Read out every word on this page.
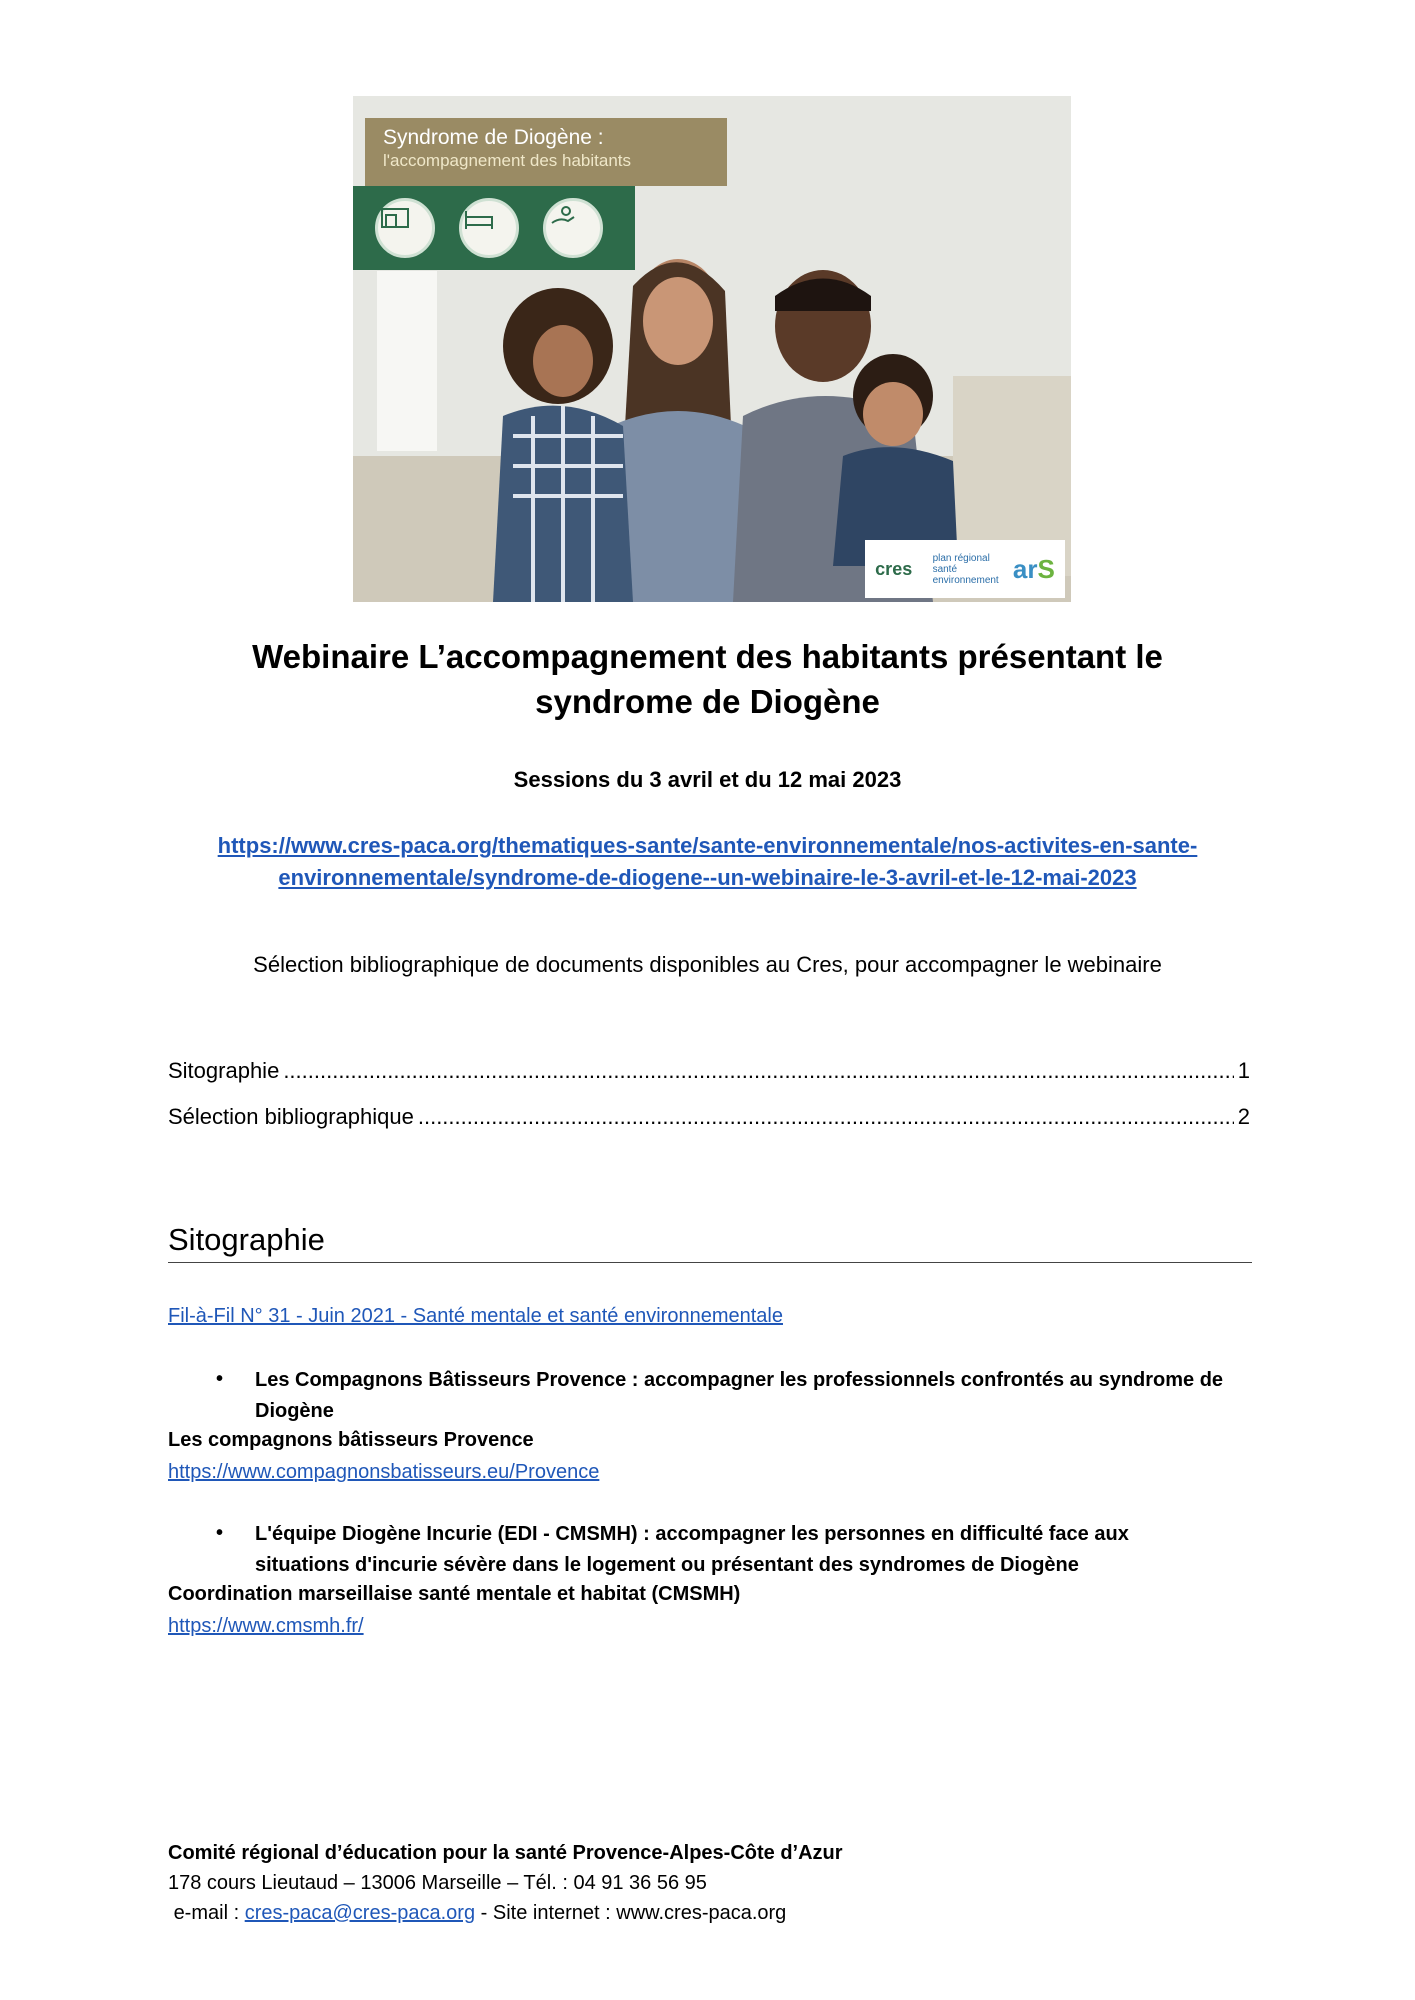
Syndrome de Diogène :
l'accompagnement des habitants
cres
plan régional santé environnement arS
Webinaire L’accompagnement des habitants présentant le
syndrome de Diogène
Sessions du 3 avril et du 12 mai 2023
https://www.cres-paca.org/thematiques-sante/sante-environnementale/nos-activites-en-sante-
environnementale/syndrome-de-diogene--un-webinaire-le-3-avril-et-le-12-mai-2023
Sélection bibliographique de documents disponibles au Cres, pour accompagner le webinaire
Sitographie .....	1
Sélection bibliographique .....	2
Sitographie
Fil-à-Fil N° 31 - Juin 2021 - Santé mentale et santé environnementale
• Les Compagnons Bâtisseurs Provence : accompagner les professionnels confrontés au syndrome de
Diogène
Les compagnons bâtisseurs Provence
https://www.compagnonsbatisseurs.eu/Provence
• L'équipe Diogène Incurie (EDI - CMSMH) : accompagner les personnes en difficulté face aux
situations d'incurie sévère dans le logement ou présentant des syndromes de Diogène
Coordination marseillaise santé mentale et habitat (CMSMH)
https://www.cmsmh.fr/
Comité régional d’éducation pour la santé Provence-Alpes-Côte d’Azur
178 cours Lieutaud – 13006 Marseille – Tél. : 04 91 36 56 95
e-mail : cres-paca@cres-paca.org - Site internet : www.cres-paca.org
